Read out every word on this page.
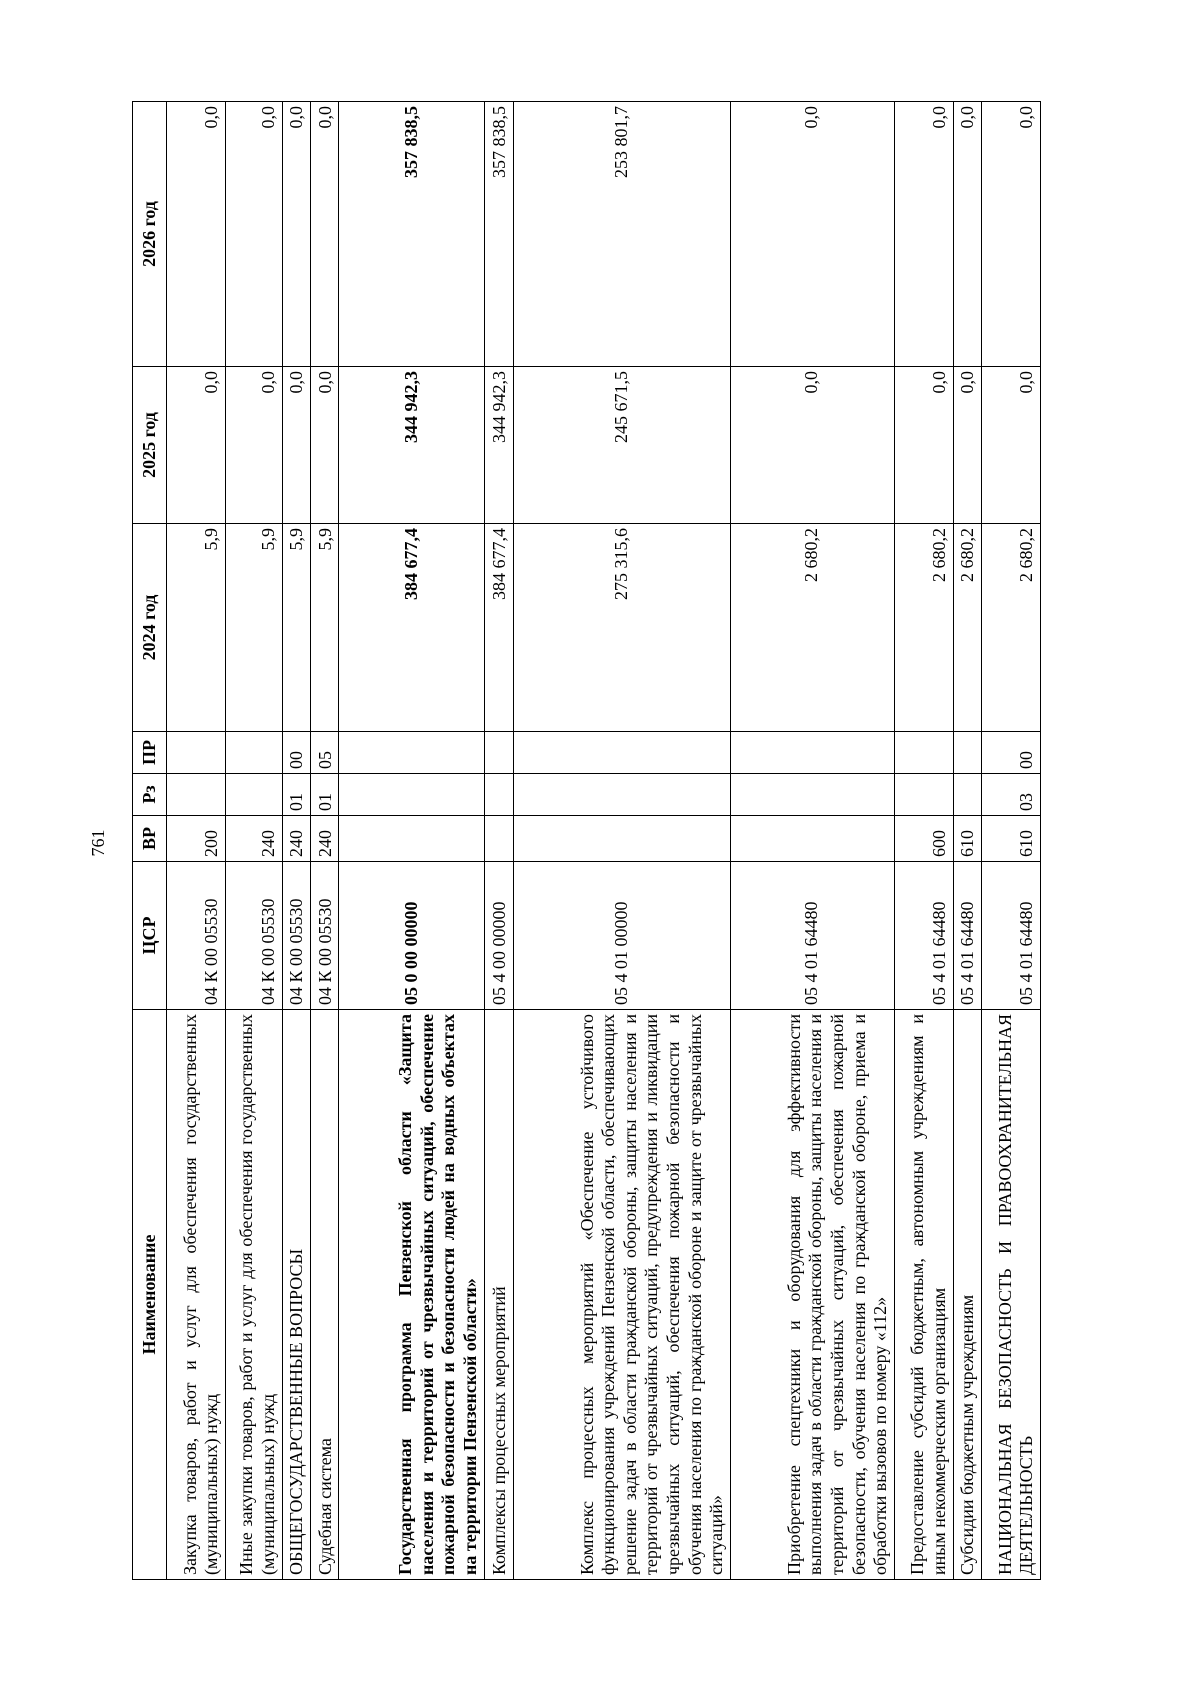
761
Наименование	ЦСР	ВР	Рз	ПР	2024 год	2025 год	2026 год
Закупка товаров, работ и услуг для обеспечения государственных (муниципальных) нужд	04 К 00 05530	200			5,9	0,0	0,0
Иные закупки товаров, работ и услуг для обеспечения государственных (муниципальных) нужд	04 К 00 05530	240			5,9	0,0	0,0
ОБЩЕГОСУДАРСТВЕННЫЕ ВОПРОСЫ	04 К 00 05530	240	01	00	5,9	0,0	0,0
Судебная система	04 К 00 05530	240	01	05	5,9	0,0	0,0
Государственная программа Пензенской области «Защита населения и территорий от чрезвычайных ситуаций, обеспечение пожарной безопасности и безопасности людей на водных объектах на территории Пензенской области»	05 0 00 00000				384 677,4	344 942,3	357 838,5
Комплексы процессных мероприятий	05 4 00 00000				384 677,4	344 942,3	357 838,5
Комплекс процессных мероприятий «Обеспечение устойчивого функционирования учреждений Пензенской области, обеспечивающих решение задач в области гражданской обороны, защиты населения и территорий от чрезвычайных ситуаций, предупреждения и ликвидации чрезвычайных ситуаций, обеспечения пожарной безопасности и обучения населения по гражданской обороне и защите от чрезвычайных ситуаций»	05 4 01 00000				275 315,6	245 671,5	253 801,7
Приобретение спецтехники и оборудования для эффективности выполнения задач в области гражданской обороны, защиты населения и территорий от чрезвычайных ситуаций, обеспечения пожарной безопасности, обучения населения по гражданской обороне, приема и обработки вызовов по номеру «112»	05 4 01 64480				2 680,2	0,0	0,0
Предоставление субсидий бюджетным, автономным учреждениям и иным некоммерческим организациям	05 4 01 64480	600			2 680,2	0,0	0,0
Субсидии бюджетным учреждениям	05 4 01 64480	610			2 680,2	0,0	0,0
НАЦИОНАЛЬНАЯ БЕЗОПАСНОСТЬ И ПРАВООХРАНИТЕЛЬНАЯ ДЕЯТЕЛЬНОСТЬ	05 4 01 64480	610	03	00	2 680,2	0,0	0,0
